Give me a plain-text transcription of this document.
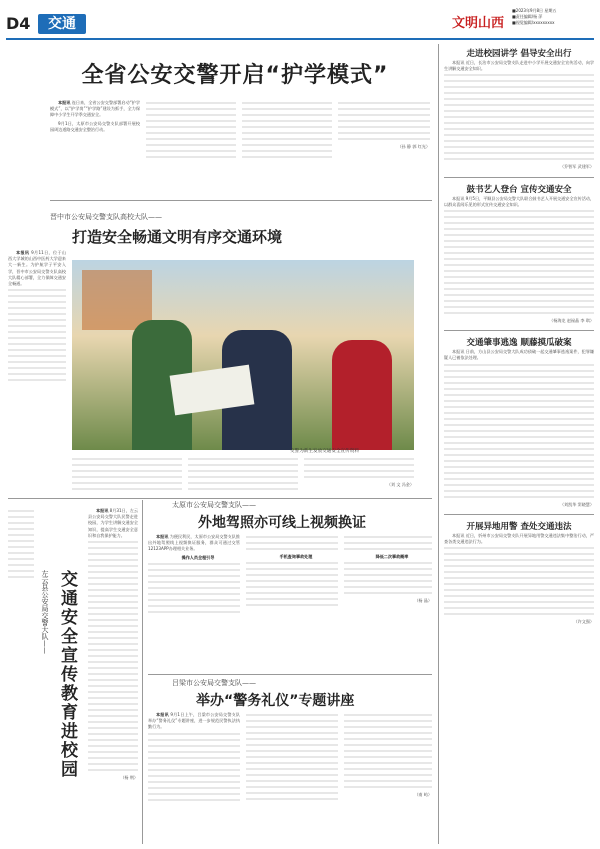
D4	交通	文明山西
■2023年9月8日 星期五
■责任编辑/杨 萍
■视觉编辑/xxxxxxxxx
全省公安交警开启“护学模式”

本报讯 连日来，全省公安交警部署启动“护学模式”，以“护学岗”“护学路”建设为抓手，全力保障中小学生开学季交通安全。

9月1日，太原市公安局交警支队部署开展校园周边道路交通安全整治行动。

（孙 静 郭 红光）

晋中市公安局交警支队高校大队——
打造安全畅通文明有序交通环境

本报讯 9月11日，位于山西大学城的山西中医药大学迎来大一新生。为护航学子平安入学，晋中市公安局交警支队高校大队精心部署，全力保障交通安全畅通。

交警为新生发放交通安全宣传资料

（刘 文 冯金）

左云县公安局交警大队—— 交通安全宣传教育进校园

本报讯 8月31日，左云县公安局交警大队民警走进校园，为学生讲解交通安全知识，提高学生交通安全意识和自我保护能力。

（杨 荆）

太原市公安局交警支队——
外地驾照亦可线上视频换证

本报讯 为便民利民，太原市公安局交警支队推出外地驾照线上视频换证服务，群众可通过交管12123APP办理相关业务。

操作人员全程引导	手机查询事故处理	降低二次事故概率

（杨 晶）

吕梁市公安局交警支队——
举办“警务礼仪”专题讲座

本报讯 9月1日上午，吕梁市公安局交警支队举办“警务礼仪”专题讲座，进一步规范民警执法执勤行为。

（南 屿）

走进校园讲学 倡导安全出行

本报讯 近日，长治市公安局交警支队走进中小学开展交通安全宣传活动，向学生讲解交通安全知识。

（乔智军 武建军）

鼓书艺人登台 宣传交通安全

本报讯 9月5日，平顺县公安局交警大队联合鼓书艺人开展交通安全宣传活动，以群众喜闻乐见的形式宣传交通安全知识。

（杨海龙 赵禄晶 李 琪）

交通肇事逃逸 顺藤摸瓜破案

本报讯 日前，方山县公安局交警大队成功侦破一起交通肇事逃逸案件，犯罪嫌疑人已被依法处理。

（刘凯华 窦晓慧）

开展异地用警 查处交通违法

本报讯 近日，忻州市公安局交警支队开展异地用警交通违法集中整治行动，严查各类交通违法行为。

（许文强）
